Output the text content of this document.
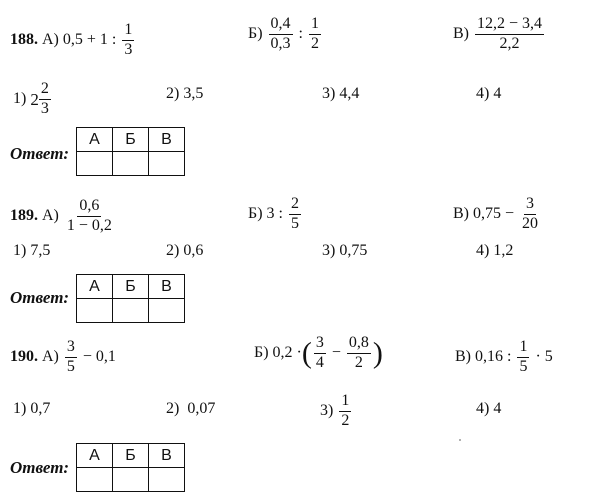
188. А) 0,5 + 1 : $\frac{1}{3}$	$Б) \frac{0,4}{0,3}$ : $\frac{1}{2}$	$В) \frac{12,2 - 3,4}{2,2}$
1) $2 \frac{2}{3}$	2) 3,5	3) 4,4	4) 4
Ответ:
А	Б	В

189. $А) \frac{0,6}{1 - 0,2}$	Б) 3 : $\frac{2}{5}$	В) $0,75 - \frac{3}{20}$
1) 7,5	2) 0,6	3) 0,75	4) 1,2
Ответ:
А	Б	В

190. $А) \frac{3}{5} - 0,1$	Б) 0,2 ·( $\frac{3}{4} - \frac{0,8}{2}$ )	В) 0,16 : $\frac{1}{5} \cdot 5$
1) 0,7	2) 0,07	$3) \frac{1}{2}$	4) 4
Ответ:
А	Б	В
